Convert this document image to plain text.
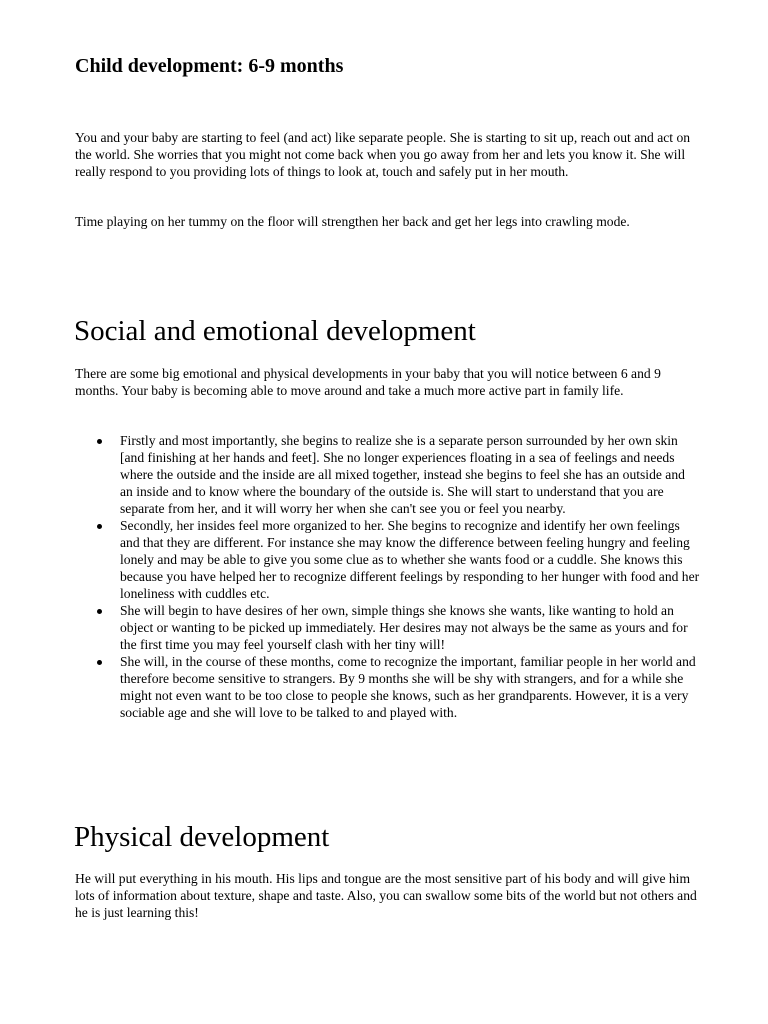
Child development: 6-9 months

You and your baby are starting to feel (and act) like separate people. She is starting to sit up, reach out and act on the world. She worries that you might not come back when you go away from her and lets you know it. She will really respond to you providing lots of things to look at, touch and safely put in her mouth.

Time playing on her tummy on the floor will strengthen her back and get her legs into crawling mode.

Social and emotional development

There are some big emotional and physical developments in your baby that you will notice between 6 and 9 months. Your baby is becoming able to move around and take a much more active part in family life.

Firstly and most importantly, she begins to realize she is a separate person surrounded by her own skin [and finishing at her hands and feet]. She no longer experiences floating in a sea of feelings and needs where the outside and the inside are all mixed together, instead she begins to feel she has an outside and an inside and to know where the boundary of the outside is. She will start to understand that you are separate from her, and it will worry her when she can't see you or feel you nearby.
Secondly, her insides feel more organized to her. She begins to recognize and identify her own feelings and that they are different. For instance she may know the difference between feeling hungry and feeling lonely and may be able to give you some clue as to whether she wants food or a cuddle. She knows this because you have helped her to recognize different feelings by responding to her hunger with food and her loneliness with cuddles etc.
She will begin to have desires of her own, simple things she knows she wants, like wanting to hold an object or wanting to be picked up immediately. Her desires may not always be the same as yours and for the first time you may feel yourself clash with her tiny will!
She will, in the course of these months, come to recognize the important, familiar people in her world and therefore become sensitive to strangers. By 9 months she will be shy with strangers, and for a while she might not even want to be too close to people she knows, such as her grandparents. However, it is a very sociable age and she will love to be talked to and played with.
Physical development

He will put everything in his mouth. His lips and tongue are the most sensitive part of his body and will give him lots of information about texture, shape and taste. Also, you can swallow some bits of the world but not others and he is just learning this!
